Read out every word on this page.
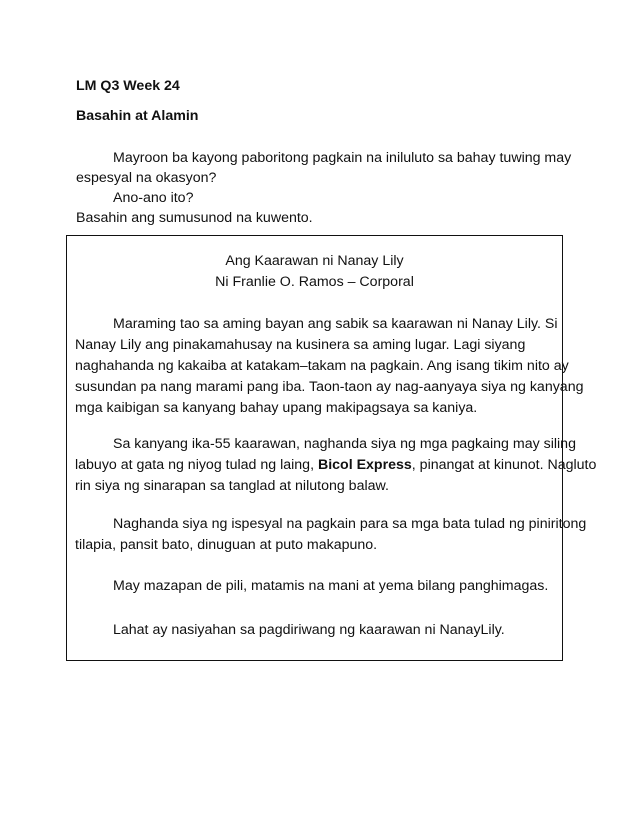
LM Q3 Week 24
Basahin at Alamin
Mayroon ba kayong paboritong pagkain na iniluluto sa bahay tuwing may
espesyal na okasyon?
Ano-ano ito?
Basahin ang sumusunod na kuwento.
Ang Kaarawan ni Nanay Lily
Ni Franlie O. Ramos – Corporal
Maraming tao sa aming bayan ang sabik sa kaarawan ni Nanay Lily. Si
Nanay Lily ang pinakamahusay na kusinera sa aming lugar. Lagi siyang
naghahanda ng kakaiba at katakam–takam na pagkain. Ang isang tikim nito ay
susundan pa nang marami pang iba. Taon-taon ay nag-aanyaya siya ng kanyang
mga kaibigan sa kanyang bahay upang makipagsaya sa kaniya.
Sa kanyang ika-55 kaarawan, naghanda siya ng mga pagkaing may siling
labuyo at gata ng niyog tulad ng laing, Bicol Express, pinangat at kinunot. Nagluto
rin siya ng sinarapan sa tanglad at nilutong balaw.
Naghanda siya ng ispesyal na pagkain para sa mga bata tulad ng piniritong
tilapia, pansit bato, dinuguan at puto makapuno.
May mazapan de pili, matamis na mani at yema bilang panghimagas.
Lahat ay nasiyahan sa pagdiriwang ng kaarawan ni NanayLily.
